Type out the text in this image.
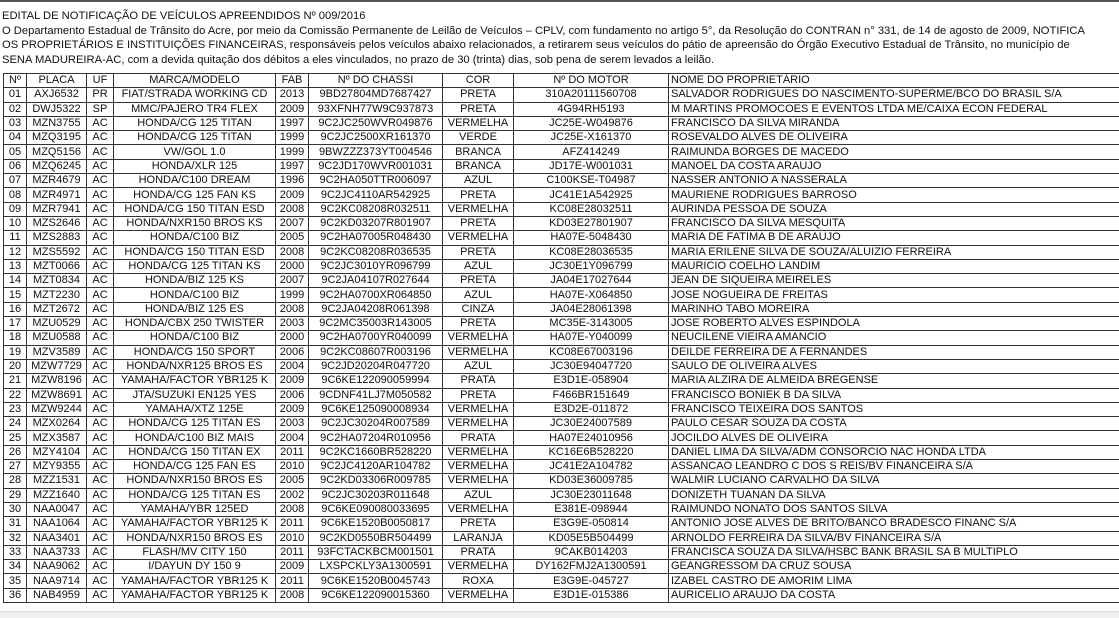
EDITAL DE NOTIFICAÇÃO DE VEÍCULOS APREENDIDOS Nº 009/2016
O Departamento Estadual de Trânsito do Acre, por meio da Comissão Permanente de Leilão de Veículos – CPLV, com fundamento no artigo 5°, da Resolução do CONTRAN n° 331, de 14 de agosto de 2009, NOTIFICA
OS PROPRIETÁRIOS E INSTITUIÇÕES FINANCEIRAS, responsáveis pelos veículos abaixo relacionados, a retirarem seus veículos do pátio de apreensão do Órgão Executivo Estadual de Trânsito, no município de
SENA MADUREIRA-AC, com a devida quitação dos débitos a eles vinculados, no prazo de 30 (trinta) dias, sob pena de serem levados a leilão.
Nº	PLACA	UF	MARCA/MODELO	FAB	Nº DO CHASSI	COR	Nº DO MOTOR	NOME DO PROPRIETÁRIO
01	AXJ6532	PR	FIAT/STRADA WORKING CD	2013	9BD27804MD7687427	PRETA	310A20111560708	SALVADOR RODRIGUES DO NASCIMENTO-SUPERME/BCO DO BRASIL S/A
02	DWJ5322	SP	MMC/PAJERO TR4 FLEX	2009	93XFNH77W9C937873	PRETA	4G94RH5193	M MARTINS PROMOCOES E EVENTOS LTDA ME/CAIXA ECON FEDERAL
03	MZN3755	AC	HONDA/CG 125 TITAN	1997	9C2JC250WVR049876	VERMELHA	JC25E-W049876	FRANCISCO DA SILVA MIRANDA
04	MZQ3195	AC	HONDA/CG 125 TITAN	1999	9C2JC2500XR161370	VERDE	JC25E-X161370	ROSEVALDO ALVES DE OLIVEIRA
05	MZQ5156	AC	VW/GOL 1.0	1999	9BWZZZ373YT004546	BRANCA	AFZ414249	RAIMUNDA BORGES DE MACEDO
06	MZQ6245	AC	HONDA/XLR 125	1997	9C2JD170WVR001031	BRANCA	JD17E-W001031	MANOEL DA COSTA ARAUJO
07	MZR4679	AC	HONDA/C100 DREAM	1996	9C2HA050TTR006097	AZUL	C100KSE-T04987	NASSER ANTONIO A NASSERALA
08	MZR4971	AC	HONDA/CG 125 FAN KS	2009	9C2JC4110AR542925	PRETA	JC41E1A542925	MAURIENE RODRIGUES BARROSO
09	MZR7941	AC	HONDA/CG 150 TITAN ESD	2008	9C2KC08208R032511	VERMELHA	KC08E28032511	AURINDA PESSOA DE SOUZA
10	MZS2646	AC	HONDA/NXR150 BROS KS	2007	9C2KD03207R801907	PRETA	KD03E27801907	FRANCISCO DA SILVA MESQUITA
11	MZS2883	AC	HONDA/C100 BIZ	2005	9C2HA07005R048430	VERMELHA	HA07E-5048430	MARIA DE FATIMA B DE ARAUJO
12	MZS5592	AC	HONDA/CG 150 TITAN ESD	2008	9C2KC08208R036535	PRETA	KC08E28036535	MARIA ERILENE SILVA DE SOUZA/ALUIZIO FERREIRA
13	MZT0066	AC	HONDA/CG 125 TITAN KS	2000	9C2JC3010YR096799	AZUL	JC30E1Y096799	MAURICIO COELHO LANDIM
14	MZT0834	AC	HONDA/BIZ 125 KS	2007	9C2JA04107R027644	PRETA	JA04E17027644	JEAN DE SIQUEIRA MEIRELES
15	MZT2230	AC	HONDA/C100 BIZ	1999	9C2HA0700XR064850	AZUL	HA07E-X064850	JOSE NOGUEIRA DE FREITAS
16	MZT2672	AC	HONDA/BIZ 125 ES	2008	9C2JA04208R061398	CINZA	JA04E28061398	MARINHO TABO MOREIRA
17	MZU0529	AC	HONDA/CBX 250 TWISTER	2003	9C2MC35003R143005	PRETA	MC35E-3143005	JOSE ROBERTO ALVES ESPINDOLA
18	MZU0588	AC	HONDA/C100 BIZ	2000	9C2HA0700YR040099	VERMELHA	HA07E-Y040099	NEUCILENE VIEIRA AMANCIO
19	MZV3589	AC	HONDA/CG 150 SPORT	2006	9C2KC08607R003196	VERMELHA	KC08E67003196	DEILDE FERREIRA DE A FERNANDES
20	MZW7729	AC	HONDA/NXR125 BROS ES	2004	9C2JD20204R047720	AZUL	JC30E94047720	SAULO DE OLIVEIRA ALVES
21	MZW8196	AC	YAMAHA/FACTOR YBR125 K	2009	9C6KE122090059994	PRATA	E3D1E-058904	MARIA ALZIRA DE ALMEIDA BREGENSE
22	MZW8691	AC	JTA/SUZUKI EN125 YES	2006	9CDNF41LJ7M050582	PRETA	F466BR151649	FRANCISCO BONIEK B DA SILVA
23	MZW9244	AC	YAMAHA/XTZ 125E	2009	9C6KE125090008934	VERMELHA	E3D2E-011872	FRANCISCO TEIXEIRA DOS SANTOS
24	MZX0264	AC	HONDA/CG 125 TITAN ES	2003	9C2JC30204R007589	VERMELHA	JC30E24007589	PAULO CESAR SOUZA DA COSTA
25	MZX3587	AC	HONDA/C100 BIZ MAIS	2004	9C2HA07204R010956	PRATA	HA07E24010956	JOCILDO ALVES DE OLIVEIRA
26	MZY4104	AC	HONDA/CG 150 TITAN EX	2011	9C2KC1660BR528220	VERMELHA	KC16E6B528220	DANIEL LIMA DA SILVA/ADM CONSORCIO NAC HONDA LTDA
27	MZY9355	AC	HONDA/CG 125 FAN ES	2010	9C2JC4120AR104782	VERMELHA	JC41E2A104782	ASSANCAO LEANDRO C DOS S REIS/BV FINANCEIRA S/A
28	MZZ1531	AC	HONDA/NXR150 BROS ES	2005	9C2KD03306R009785	VERMELHA	KD03E36009785	WALMIR LUCIANO CARVALHO DA SILVA
29	MZZ1640	AC	HONDA/CG 125 TITAN ES	2002	9C2JC30203R011648	AZUL	JC30E23011648	DONIZETH TUANAN DA SILVA
30	NAA0047	AC	YAMAHA/YBR 125ED	2008	9C6KE090080033695	VERMELHA	E381E-098944	RAIMUNDO NONATO DOS SANTOS SILVA
31	NAA1064	AC	YAMAHA/FACTOR YBR125 K	2011	9C6KE1520B0050817	PRETA	E3G9E-050814	ANTONIO JOSE ALVES DE BRITO/BANCO BRADESCO FINANC S/A
32	NAA3401	AC	HONDA/NXR150 BROS ES	2010	9C2KD0550BR504499	LARANJA	KD05E5B504499	ARNOLDO FERREIRA DA SILVA/BV FINANCEIRA S/A
33	NAA3733	AC	FLASH/MV CITY 150	2011	93FCTACKBCM001501	PRATA	9CAKB014203	FRANCISCA SOUZA DA SILVA/HSBC BANK BRASIL SA B MULTIPLO
34	NAA9062	AC	I/DAYUN DY 150 9	2009	LXSPCKLY3A1300591	VERMELHA	DY162FMJ2A1300591	GEANGRESSOM DA CRUZ SOUSA
35	NAA9714	AC	YAMAHA/FACTOR YBR125 K	2011	9C6KE1520B0045743	ROXA	E3G9E-045727	IZABEL CASTRO DE AMORIM LIMA
36	NAB4959	AC	YAMAHA/FACTOR YBR125 K	2008	9C6KE122090015360	VERMELHA	E3D1E-015386	AURICELIO ARAUJO DA COSTA
